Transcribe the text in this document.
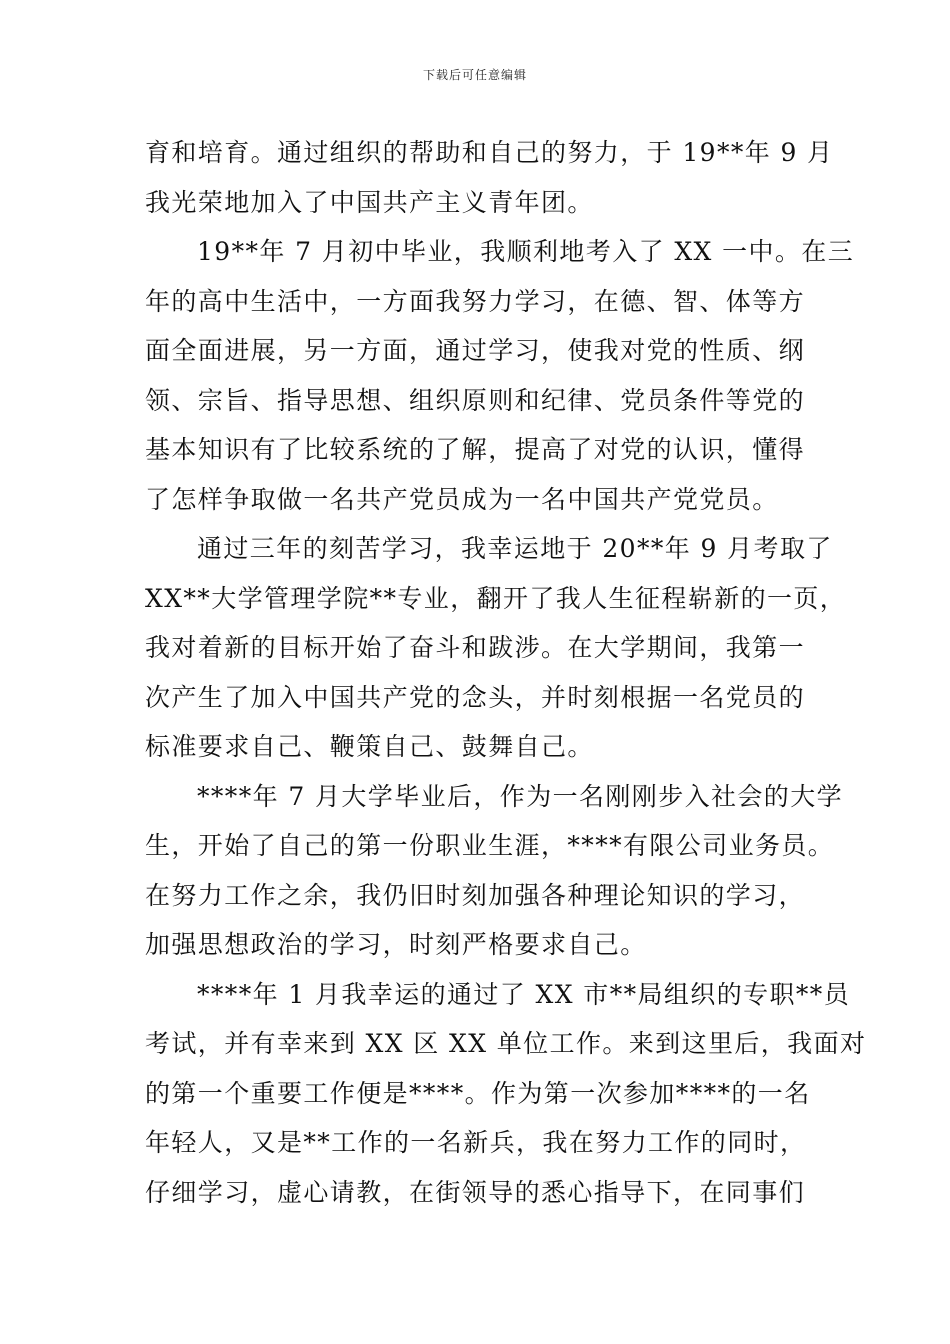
下载后可任意编辑
育和培育。通过组织的帮助和自己的努力，于 19**年 9 月
我光荣地加入了中国共产主义青年团。
19**年 7 月初中毕业，我顺利地考入了 XX 一中。在三
年的高中生活中，一方面我努力学习，在德、智、体等方
面全面进展，另一方面，通过学习，使我对党的性质、纲
领、宗旨、指导思想、组织原则和纪律、党员条件等党的
基本知识有了比较系统的了解，提高了对党的认识，懂得
了怎样争取做一名共产党员成为一名中国共产党党员。
通过三年的刻苦学习，我幸运地于 20**年 9 月考取了
XX**大学管理学院**专业，翻开了我人生征程崭新的一页，
我对着新的目标开始了奋斗和跋涉。在大学期间，我第一
次产生了加入中国共产党的念头，并时刻根据一名党员的
标准要求自己、鞭策自己、鼓舞自己。
****年 7 月大学毕业后，作为一名刚刚步入社会的大学
生，开始了自己的第一份职业生涯，****有限公司业务员。
在努力工作之余，我仍旧时刻加强各种理论知识的学习，
加强思想政治的学习，时刻严格要求自己。
****年 1 月我幸运的通过了 XX 市**局组织的专职**员
考试，并有幸来到 XX 区 XX 单位工作。来到这里后，我面对
的第一个重要工作便是****。作为第一次参加****的一名
年轻人，又是**工作的一名新兵，我在努力工作的同时，
仔细学习，虚心请教，在街领导的悉心指导下，在同事们
